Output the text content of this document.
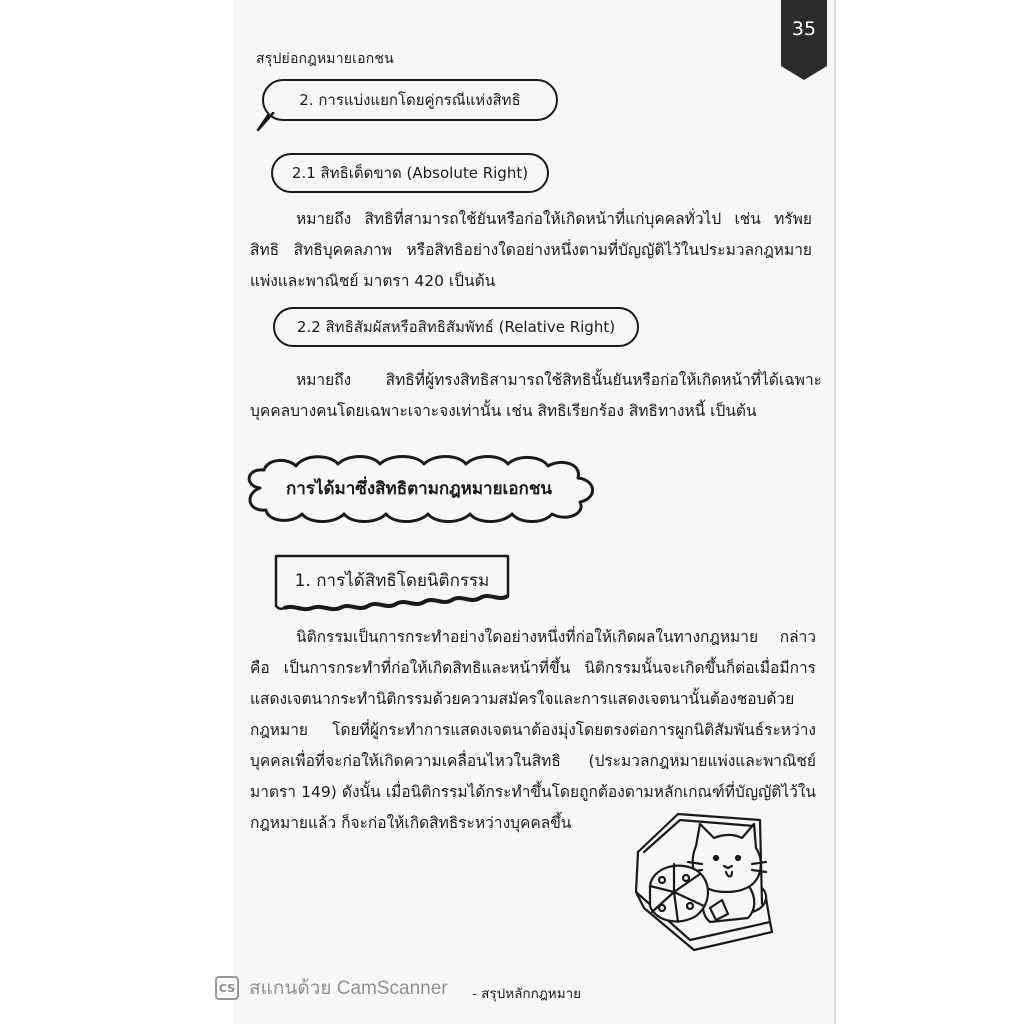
สรุปย่อกฎหมายเอกชน
35
2. การแบ่งแยกโดยคู่กรณีแห่งสิทธิ
2.1 สิทธิเด็ดขาด (Absolute Right)

หมายถึง สิทธิที่สามารถใช้ยันหรือก่อให้เกิดหน้าที่แก่บุคคลทั่วไป เช่น ทรัพยสิทธิ สิทธิบุคคลภาพ หรือสิทธิอย่างใดอย่างหนึ่งตามที่บัญญัติไว้ในประมวลกฎหมายแพ่งและพาณิชย์ มาตรา 420 เป็นต้น

2.2 สิทธิสัมผัสหรือสิทธิสัมพัทธ์ (Relative Right)

หมายถึง สิทธิที่ผู้ทรงสิทธิสามารถใช้สิทธินั้นยันหรือก่อให้เกิดหน้าที่ได้เฉพาะบุคคลบางคนโดยเฉพาะเจาะจงเท่านั้น เช่น สิทธิเรียกร้อง สิทธิทางหนี้ เป็นต้น

การได้มาซึ่งสิทธิตามกฎหมายเอกชน
1. การได้สิทธิโดยนิติกรรม

นิติกรรมเป็นการกระทำอย่างใดอย่างหนึ่งที่ก่อให้เกิดผลในทางกฎหมาย กล่าวคือ เป็นการกระทำที่ก่อให้เกิดสิทธิและหน้าที่ขึ้น นิติกรรมนั้นจะเกิดขึ้นก็ต่อเมื่อมีการแสดงเจตนากระทำนิติกรรมด้วยความสมัครใจและการแสดงเจตนานั้นต้องชอบด้วยกฎหมาย โดยที่ผู้กระทำการแสดงเจตนาต้องมุ่งโดยตรงต่อการผูกนิติสัมพันธ์ระหว่างบุคคลเพื่อที่จะก่อให้เกิดความเคลื่อนไหวในสิทธิ (ประมวลกฎหมายแพ่งและพาณิชย์ มาตรา 149) ดังนั้น เมื่อนิติกรรมได้กระทำขึ้นโดยถูกต้องตามหลักเกณฑ์ที่บัญญัติไว้ในกฎหมายแล้ว ก็จะก่อให้เกิดสิทธิระหว่างบุคคลขึ้น

CS สแกนด้วย CamScanner - สรุปหลักกฎหมาย
